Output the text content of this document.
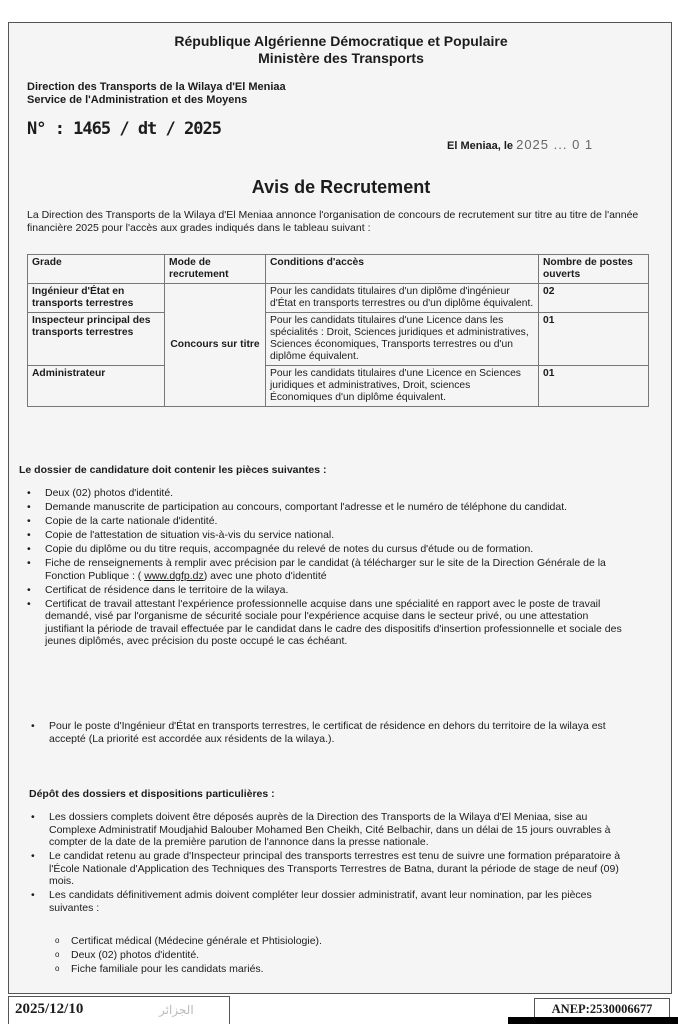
République Algérienne Démocratique et Populaire
Ministère des Transports
Direction des Transports de la Wilaya d'El Meniaa
Service de l'Administration et des Moyens
N° : 1465 / dt / 2025
El Meniaa, le 2025 ... 0 1
Avis de Recrutement
La Direction des Transports de la Wilaya d'El Meniaa annonce l'organisation de concours de recrutement sur titre au titre de l'année financière 2025 pour l'accès aux grades indiqués dans le tableau suivant :
Grade	Mode de recrutement	Conditions d'accès	Nombre de postes ouverts
Ingénieur d'État en transports terrestres	Concours sur titre	Pour les candidats titulaires d'un diplôme d'ingénieur d'État en transports terrestres ou d'un diplôme équivalent.	02
Inspecteur principal des transports terrestres		Pour les candidats titulaires d'une Licence dans les spécialités : Droit, Sciences juridiques et administratives, Sciences économiques, Transports terrestres ou d'un diplôme équivalent.	01
Administrateur		Pour les candidats titulaires d'une Licence en Sciences juridiques et administratives, Droit, sciences Économiques d'un diplôme équivalent.	01
Le dossier de candidature doit contenir les pièces suivantes :
• Deux (02) photos d'identité.
• Demande manuscrite de participation au concours, comportant l'adresse et le numéro de téléphone du candidat.
• Copie de la carte nationale d'identité.
• Copie de l'attestation de situation vis-à-vis du service national.
• Copie du diplôme ou du titre requis, accompagnée du relevé de notes du cursus d'étude ou de formation.
• Fiche de renseignements à remplir avec précision par le candidat (à télécharger sur le site de la Direction Générale de la Fonction Publique : ( www.dgfp.dz) avec une photo d'identité
• Certificat de résidence dans le territoire de la wilaya.
• Certificat de travail attestant l'expérience professionnelle acquise dans une spécialité en rapport avec le poste de travail demandé, visé par l'organisme de sécurité sociale pour l'expérience acquise dans le secteur privé, ou une attestation justifiant la période de travail effectuée par le candidat dans le cadre des dispositifs d'insertion professionnelle et sociale des jeunes diplômés, avec précision du poste occupé le cas échéant.
• Pour le poste d'Ingénieur d'État en transports terrestres, le certificat de résidence en dehors du territoire de la wilaya est accepté (La priorité est accordée aux résidents de la wilaya.).
Dépôt des dossiers et dispositions particulières :
• Les dossiers complets doivent être déposés auprès de la Direction des Transports de la Wilaya d'El Meniaa, sise au Complexe Administratif Moudjahid Balouber Mohamed Ben Cheikh, Cité Belbachir, dans un délai de 15 jours ouvrables à compter de la date de la première parution de l'annonce dans la presse nationale.
• Le candidat retenu au grade d'Inspecteur principal des transports terrestres est tenu de suivre une formation préparatoire à l'École Nationale d'Application des Techniques des Transports Terrestres de Batna, durant la période de stage de neuf (09) mois.
• Les candidats définitivement admis doivent compléter leur dossier administratif, avant leur nomination, par les pièces suivantes :
o Certificat médical (Médecine générale et Phtisiologie).
o Deux (02) photos d'identité.
o Fiche familiale pour les candidats mariés.
2025/12/10	الجزائر	ANEP:2530006677
